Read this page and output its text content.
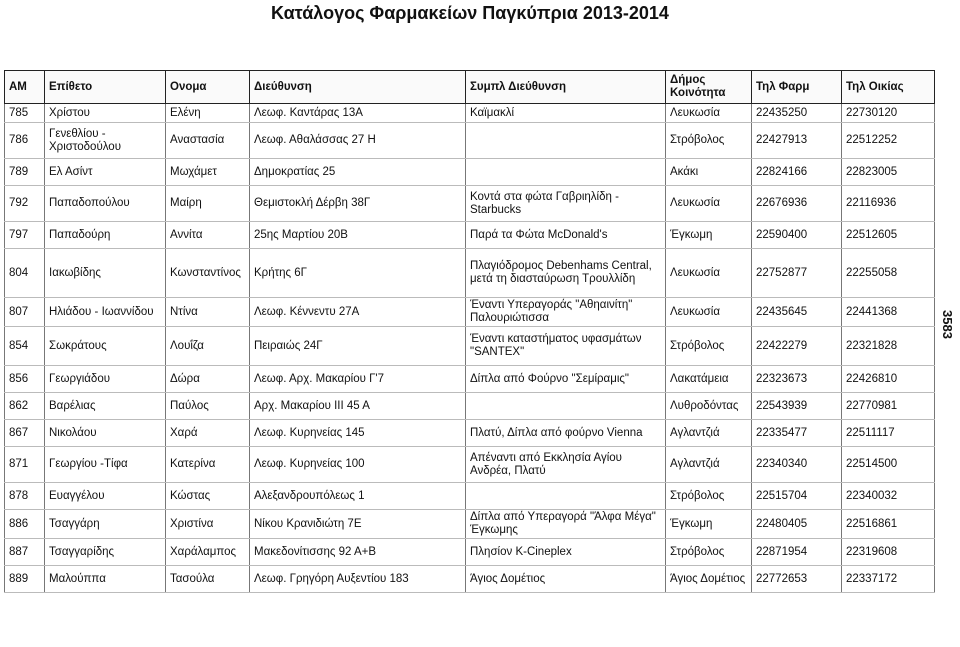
Κατάλογος Φαρμακείων Παγκύπρια 2013-2014
3583
AM	Επίθετο	Ονομα	Διεύθυνση	Συμπλ Διεύθυνση	Δήμος Κοινότητα	Τηλ Φαρμ	Τηλ Οικίας
785	Χρίστου	Ελένη	Λεωφ. Καντάρας 13Α	Καϊμακλί	Λευκωσία	22435250	22730120
786	Γενεθλίου - Χριστοδούλου	Αναστασία	Λεωφ. Αθαλάσσας 27 Η		Στρόβολος	22427913	22512252
789	Ελ Ασίντ	Μωχάμετ	Δημοκρατίας 25		Ακάκι	22824166	22823005
792	Παπαδοπούλου	Μαίρη	Θεμιστοκλή Δέρβη 38Γ	Κοντά στα φώτα Γαβριηλίδη - Starbucks	Λευκωσία	22676936	22116936
797	Παπαδούρη	Αννίτα	25ης Μαρτίου 20Β	Παρά τα Φώτα McDonald's	Έγκωμη	22590400	22512605
804	Ιακωβίδης	Κωνσταντίνος	Κρήτης 6Γ	Πλαγιόδρομος Debenhams Central, μετά τη διασταύρωση Τρουλλίδη	Λευκωσία	22752877	22255058
807	Ηλιάδου - Ιωαννίδου	Ντίνα	Λεωφ. Κέννεντυ 27Α	Έναντι Υπεραγοράς "Αθηαινίτη" Παλουριώτισσα	Λευκωσία	22435645	22441368
854	Σωκράτους	Λουΐζα	Πειραιώς 24Γ	Έναντι καταστήματος υφασμάτων "SANTEX"	Στρόβολος	22422279	22321828
856	Γεωργιάδου	Δώρα	Λεωφ. Αρχ. Μακαρίου Γ'7	Δίπλα από Φούρνο "Σεμίραμις"	Λακατάμεια	22323673	22426810
862	Βαρέλιας	Παύλος	Αρχ. Μακαρίου ΙΙΙ 45 Α		Λυθροδόντας	22543939	22770981
867	Νικολάου	Χαρά	Λεωφ. Κυρηνείας 145	Πλατύ, Δίπλα από φούρνο Vienna	Αγλαντζιά	22335477	22511117
871	Γεωργίου -Τίφα	Κατερίνα	Λεωφ. Κυρηνείας 100	Απέναντι από Εκκλησία Αγίου Ανδρέα, Πλατύ	Αγλαντζιά	22340340	22514500
878	Ευαγγέλου	Κώστας	Αλεξανδρουπόλεως 1		Στρόβολος	22515704	22340032
886	Τσαγγάρη	Χριστίνα	Νίκου Κρανιδιώτη 7Ε	Δίπλα από Υπεραγορά "Άλφα Μέγα" Έγκωμης	Έγκωμη	22480405	22516861
887	Τσαγγαρίδης	Χαράλαμπος	Μακεδονίτισσης 92 Α+Β	Πλησίον K-Cineplex	Στρόβολος	22871954	22319608
889	Μαλούππα	Τασούλα	Λεωφ. Γρηγόρη Αυξεντίου 183	Άγιος Δομέτιος	Άγιος Δομέτιος	22772653	22337172
